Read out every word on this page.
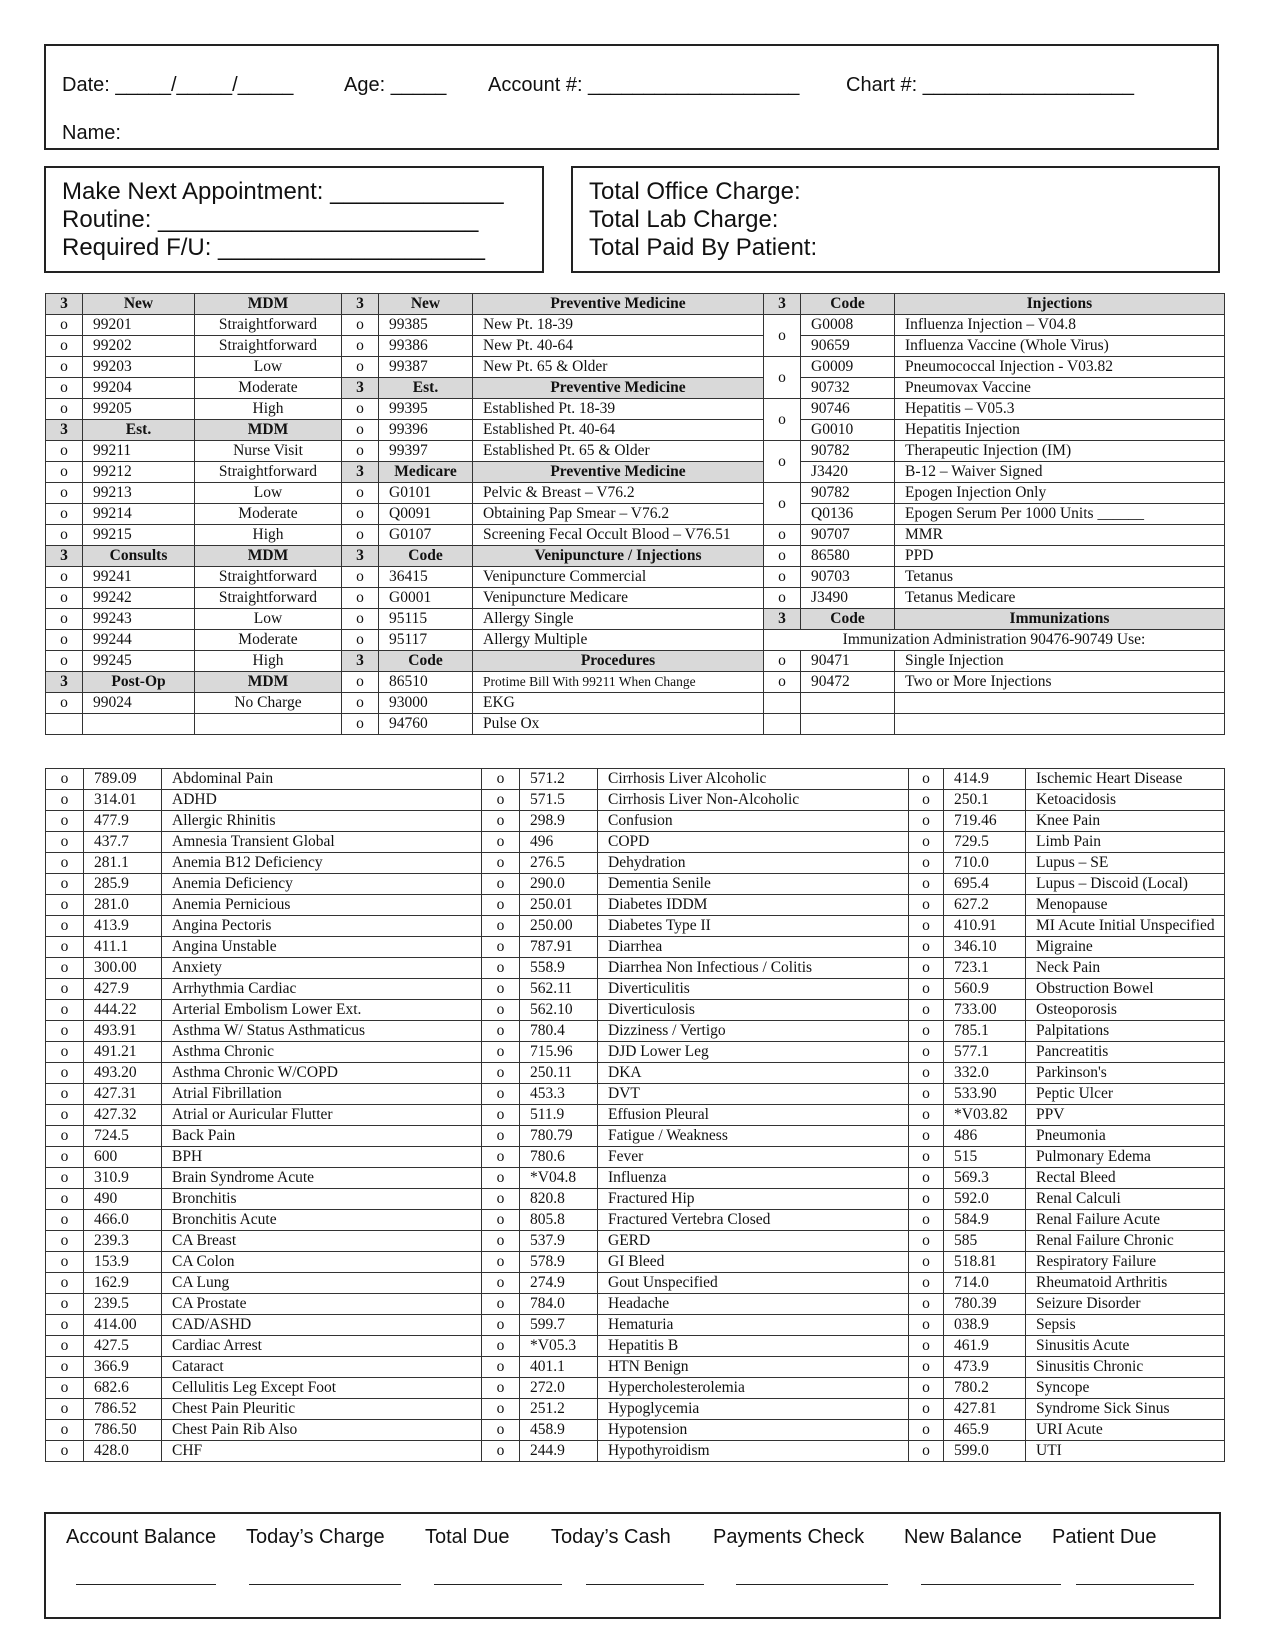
Date: _____/_____/_____	Age: _____ Account #: ___________________ Chart #: ___________________
Name:
Make Next Appointment: _____________
Routine: ________________________
Required F/U: ____________________
Total Office Charge:
Total Lab Charge:
Total Paid By Patient:
3	New	MDM	3	New	Preventive Medicine	3	Code	Injections
o	99201	Straightforward	o	99385	New Pt. 18-39	o	G0008	Influenza Injection – V04.8
o	99202	Straightforward	o	99386	New Pt. 40-64		90659	Influenza Vaccine (Whole Virus)
o	99203	Low	o	99387	New Pt. 65 & Older	o	G0009	Pneumococcal Injection - V03.82
o	99204	Moderate	3	Est.	Preventive Medicine		90732	Pneumovax Vaccine
o	99205	High	o	99395	Established Pt. 18-39	o	90746	Hepatitis – V05.3
3	Est.	MDM	o	99396	Established Pt. 40-64		G0010	Hepatitis Injection
o	99211	Nurse Visit	o	99397	Established Pt. 65 & Older	o	90782	Therapeutic Injection (IM)
o	99212	Straightforward	3	Medicare	Preventive Medicine		J3420	B-12 – Waiver Signed
o	99213	Low	o	G0101	Pelvic & Breast – V76.2	o	90782	Epogen Injection Only
o	99214	Moderate	o	Q0091	Obtaining Pap Smear – V76.2		Q0136	Epogen Serum Per 1000 Units ______
o	99215	High	o	G0107	Screening Fecal Occult Blood – V76.51	o	90707	MMR
3	Consults	MDM	3	Code	Venipuncture / Injections	o	86580	PPD
o	99241	Straightforward	o	36415	Venipuncture Commercial	o	90703	Tetanus
o	99242	Straightforward	o	G0001	Venipuncture Medicare	o	J3490	Tetanus Medicare
o	99243	Low	o	95115	Allergy Single	3	Code	Immunizations
o	99244	Moderate	o	95117	Allergy Multiple	Immunization Administration 90476-90749 Use:		
o	99245	High	3	Code	Procedures	o	90471	Single Injection
3	Post-Op	MDM	o	86510	Protime Bill With 99211 When Change	o	90472	Two or More Injections
o	99024	No Charge	o	93000	EKG			
			o	94760	Pulse Ox			
o	789.09	Abdominal Pain	o	571.2	Cirrhosis Liver Alcoholic	o	414.9	Ischemic Heart Disease
o	314.01	ADHD	o	571.5	Cirrhosis Liver Non-Alcoholic	o	250.1	Ketoacidosis
o	477.9	Allergic Rhinitis	o	298.9	Confusion	o	719.46	Knee Pain
o	437.7	Amnesia Transient Global	o	496	COPD	o	729.5	Limb Pain
o	281.1	Anemia B12 Deficiency	o	276.5	Dehydration	o	710.0	Lupus – SE
o	285.9	Anemia Deficiency	o	290.0	Dementia Senile	o	695.4	Lupus – Discoid (Local)
o	281.0	Anemia Pernicious	o	250.01	Diabetes IDDM	o	627.2	Menopause
o	413.9	Angina Pectoris	o	250.00	Diabetes Type II	o	410.91	MI Acute Initial Unspecified
o	411.1	Angina Unstable	o	787.91	Diarrhea	o	346.10	Migraine
o	300.00	Anxiety	o	558.9	Diarrhea Non Infectious / Colitis	o	723.1	Neck Pain
o	427.9	Arrhythmia Cardiac	o	562.11	Diverticulitis	o	560.9	Obstruction Bowel
o	444.22	Arterial Embolism Lower Ext.	o	562.10	Diverticulosis	o	733.00	Osteoporosis
o	493.91	Asthma W/ Status Asthmaticus	o	780.4	Dizziness / Vertigo	o	785.1	Palpitations
o	491.21	Asthma Chronic	o	715.96	DJD Lower Leg	o	577.1	Pancreatitis
o	493.20	Asthma Chronic W/COPD	o	250.11	DKA	o	332.0	Parkinson's
o	427.31	Atrial Fibrillation	o	453.3	DVT	o	533.90	Peptic Ulcer
o	427.32	Atrial or Auricular Flutter	o	511.9	Effusion Pleural	o	*V03.82	PPV
o	724.5	Back Pain	o	780.79	Fatigue / Weakness	o	486	Pneumonia
o	600	BPH	o	780.6	Fever	o	515	Pulmonary Edema
o	310.9	Brain Syndrome Acute	o	*V04.8	Influenza	o	569.3	Rectal Bleed
o	490	Bronchitis	o	820.8	Fractured Hip	o	592.0	Renal Calculi
o	466.0	Bronchitis Acute	o	805.8	Fractured Vertebra Closed	o	584.9	Renal Failure Acute
o	239.3	CA Breast	o	537.9	GERD	o	585	Renal Failure Chronic
o	153.9	CA Colon	o	578.9	GI Bleed	o	518.81	Respiratory Failure
o	162.9	CA Lung	o	274.9	Gout Unspecified	o	714.0	Rheumatoid Arthritis
o	239.5	CA Prostate	o	784.0	Headache	o	780.39	Seizure Disorder
o	414.00	CAD/ASHD	o	599.7	Hematuria	o	038.9	Sepsis
o	427.5	Cardiac Arrest	o	*V05.3	Hepatitis B	o	461.9	Sinusitis Acute
o	366.9	Cataract	o	401.1	HTN Benign	o	473.9	Sinusitis Chronic
o	682.6	Cellulitis Leg Except Foot	o	272.0	Hypercholesterolemia	o	780.2	Syncope
o	786.52	Chest Pain Pleuritic	o	251.2	Hypoglycemia	o	427.81	Syndrome Sick Sinus
o	786.50	Chest Pain Rib Also	o	458.9	Hypotension	o	465.9	URI Acute
o	428.0	CHF	o	244.9	Hypothyroidism	o	599.0	UTI
Account Balance Today’s Charge Total Due Today’s Cash Payments Check New Balance Patient Due
